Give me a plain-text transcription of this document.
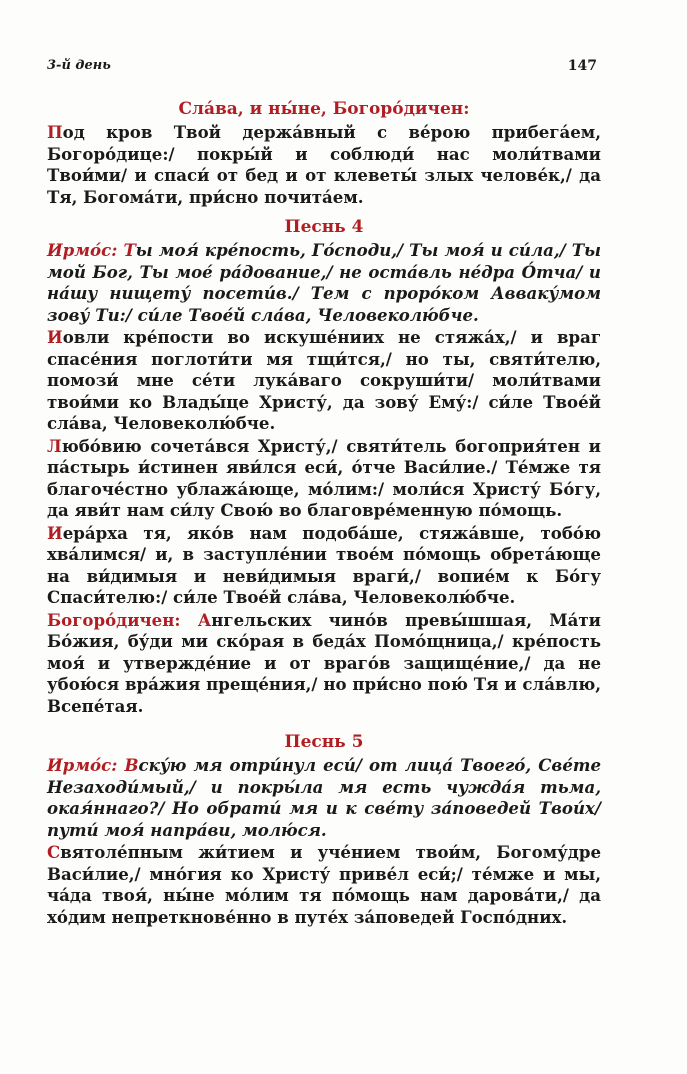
3-й день	147
Сла́ва, и ны́не, Богоро́дичен:

Под кров Твой держа́вный с ве́рою прибега́ем, Богоро́дице:/ покры́й и соблюди́ нас моли́твами Твои́ми/ и спаси́ от бед и от клеветы́ злых челове́к,/ да Тя, Богома́ти, при́сно почита́ем.

Песнь 4

Ирмо́с: Ты моя́ кре́пость, Го́споди,/ Ты моя́ и си́ла,/ Ты мой Бог, Ты мое́ ра́дование,/ не оста́вль не́дра О́тча/ и на́шу нищету́ посети́в./ Тем с проро́ком Авваку́мом зову́ Ти:/ си́ле Твое́й сла́ва, Человеколю́бче.

Иовли кре́пости во искуше́ниих не стяжа́х,/ и враг спасе́ния поглоти́ти мя тщи́тся,/ но ты, святи́телю, помози́ мне се́ти лука́ваго сокруши́ти/ моли́твами твои́ми ко Влады́це Христу́, да зову́ Ему́:/ си́ле Твое́й сла́ва, Человеколю́бче.

Любо́вию сочета́вся Христу́,/ святи́тель богоприя́тен и па́стырь и́стинен яви́лся еси́, о́тче Васи́лие./ Те́мже тя благоче́стно ублажа́юще, мо́лим:/ моли́ся Христу́ Бо́гу, да яви́т нам си́лу Свою́ во благовре́менную по́мощь.

Иера́рха тя, яко́в нам подоба́ше, стяжа́вше, тобо́ю хва́лимся/ и, в заступле́нии твое́м по́мощь обрета́юще на ви́димыя и неви́димыя враги́,/ вопие́м к Бо́гу Спаси́телю:/ си́ле Твое́й сла́ва, Человеколю́бче.

Богоро́дичен: Ангельских чино́в превы́шшая, Ма́ти Бо́жия, бу́ди ми ско́рая в беда́х Помо́щница,/ кре́пость моя́ и утвержде́ние и от враго́в защище́ние,/ да не убою́ся вра́жия преще́ния,/ но при́сно пою́ Тя и сла́влю, Всепе́тая.

Песнь 5

Ирмо́с: Вску́ю мя отри́нул еси́/ от лица́ Твоего́, Све́те Незаходи́мый,/ и покры́ла мя есть чужда́я тьма, окая́ннаго?/ Но обрати́ мя и к све́ту за́поведей Твои́х/ пути́ моя́ напра́ви, молю́ся.

Святоле́пным жи́тием и уче́нием твои́м, Богому́дре Васи́лие,/ мно́гия ко Христу́ приве́л еси́;/ те́мже и мы, ча́да твоя́, ны́не мо́лим тя по́мощь нам дарова́ти,/ да хо́дим непреткнове́нно в путе́х за́поведей Госпо́дних.
